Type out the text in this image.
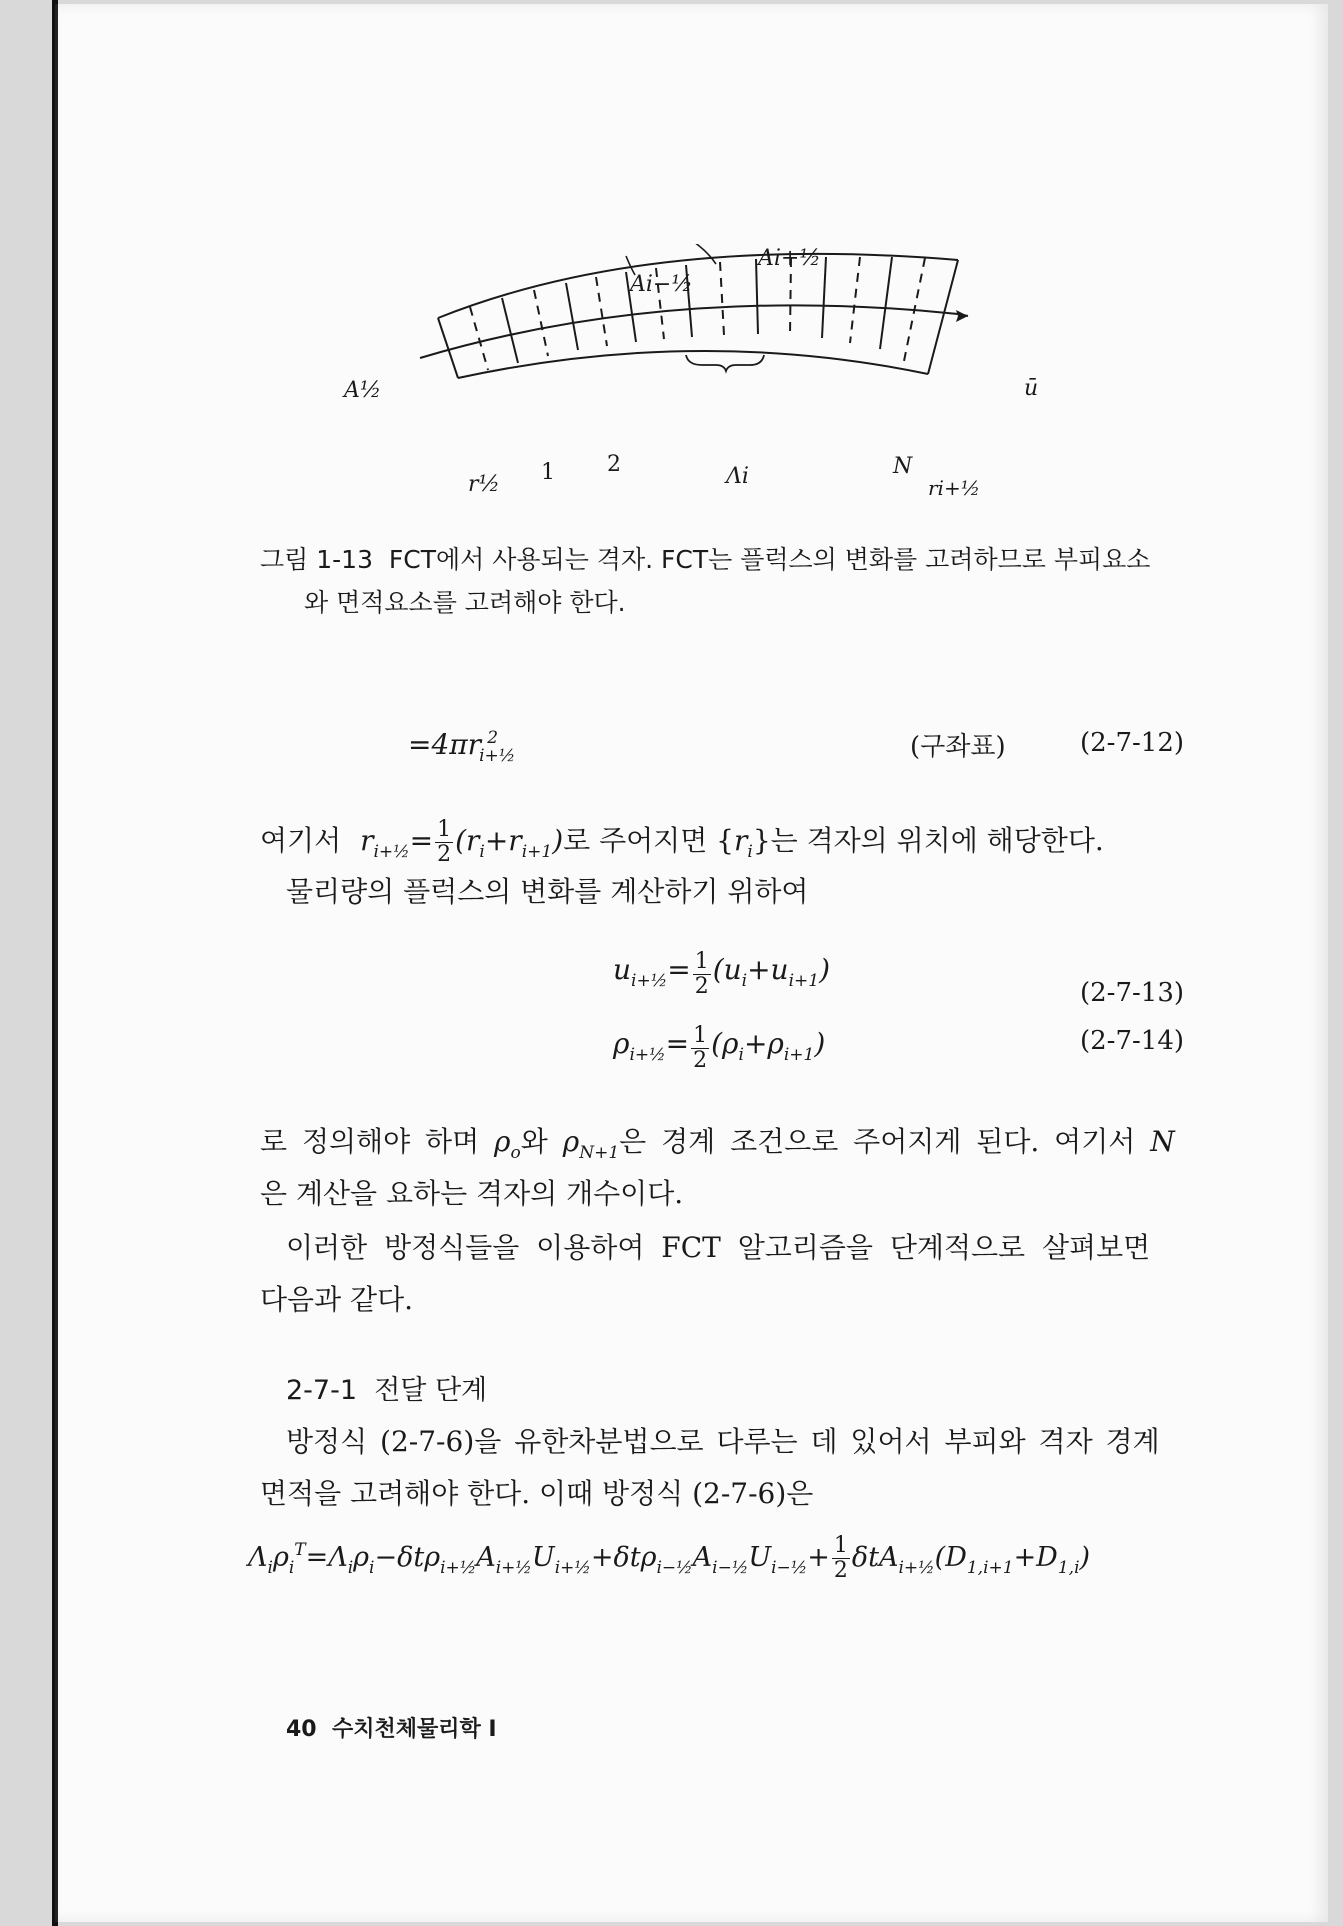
A½
Ai−½
Ai+½
ū
r½ 1 2	Λi	N
ri+½
그림 1-13 FCT에서 사용되는 격자. FCT는 플럭스의 변화를 고려하므로 부피요소
와 면적요소를 고려해야 한다.
=4πri+½2	(구좌표)	(2-7-12)
여기서 $r_{i+\frac{1}{2}}= \frac{1}{2} (r_i+r_{i+1})$로 주어지면 $\{r_i\}$는 격자의 위치에 해당한다.
물리량의 플럭스의 변화를 계산하기 위하여
$u_{i+\frac{1}{2}}= \frac{1}{2} (u_i+u_{i+1})$
(2-7-13)
$\rho_{i+\frac{1}{2}}= \frac{1}{2} (\rho_i+\rho_{i+1})$	(2-7-14)
로 정의해야 하며 $\rho_o$와 $\rho_{N+1}$은 경계 조건으로 주어지게 된다. 여기서 N
은 계산을 요하는 격자의 개수이다.
이러한 방정식들을 이용하여 FCT 알고리즘을 단계적으로 살펴보면
다음과 같다.
2-7-1 전달 단계
방정식 (2-7-6)을 유한차분법으로 다루는 데 있어서 부피와 격자 경계
면적을 고려해야 한다. 이때 방정식 (2-7-6)은
$\Lambda_i\rho_i^T=\Lambda_i\rho_i-\delta t\rho_{i+\frac{1}{2}}A_{i+\frac{1}{2}}U_{i+\frac{1}{2}}+\delta t\rho_{i-\frac{1}{2}}A_{i-\frac{1}{2}}U_{i-\frac{1}{2}}+ \frac{1}{2} \delta tA_{i+\frac{1}{2}}(D_{1,i+1}+D_{1,i})$
40 수치천체물리학 I
